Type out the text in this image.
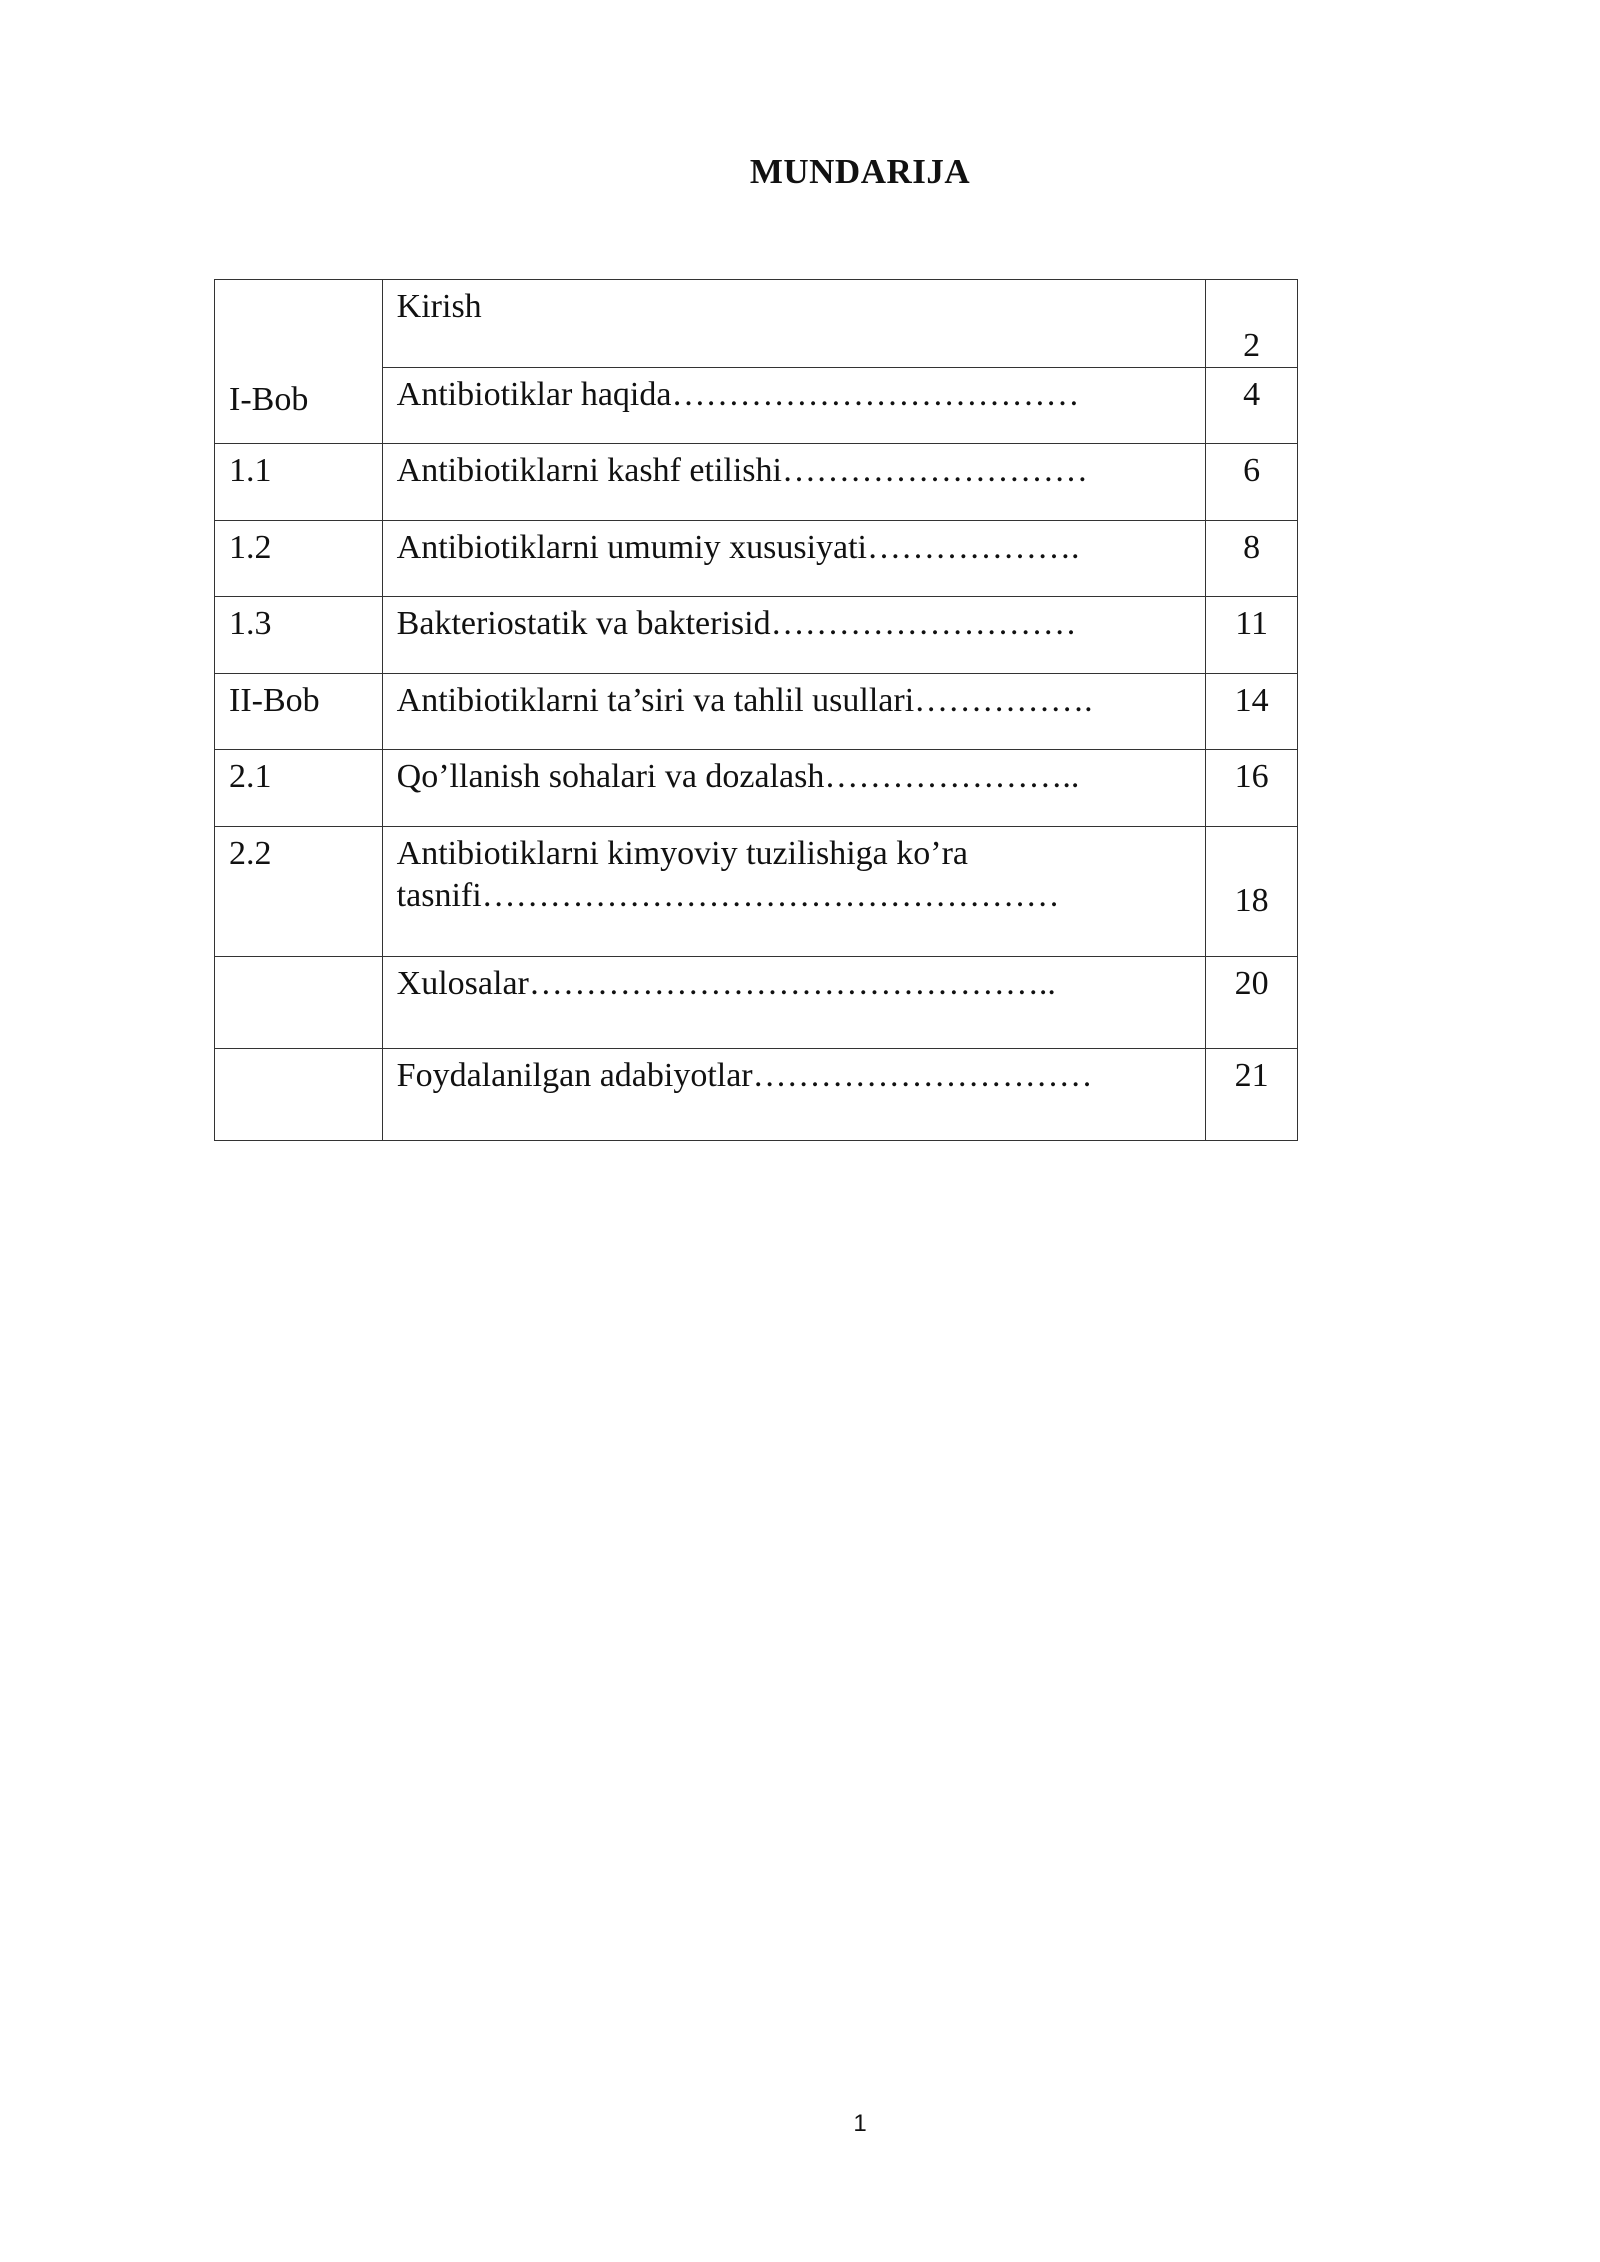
MUNDARIJA
I-Bob	Kirish	2
	Antibiotiklar haqida………………………………	4
1.1	Antibiotiklarni kashf etilishi………………………	6
1.2	Antibiotiklarni umumiy xususiyati……………….	8
1.3	Bakteriostatik va bakterisid………………………	11
II-Bob	Antibiotiklarni ta’siri va tahlil usullari…………….	14
2.1	Qo’llanish sohalari va dozalash…………………..	16
2.2	Antibiotiklarni kimyoviy tuzilishiga ko’ra
tasnifi……………………………………………	18
	Xulosalar………………………………………..	20
	Foydalanilgan adabiyotlar…………………………	21
1
